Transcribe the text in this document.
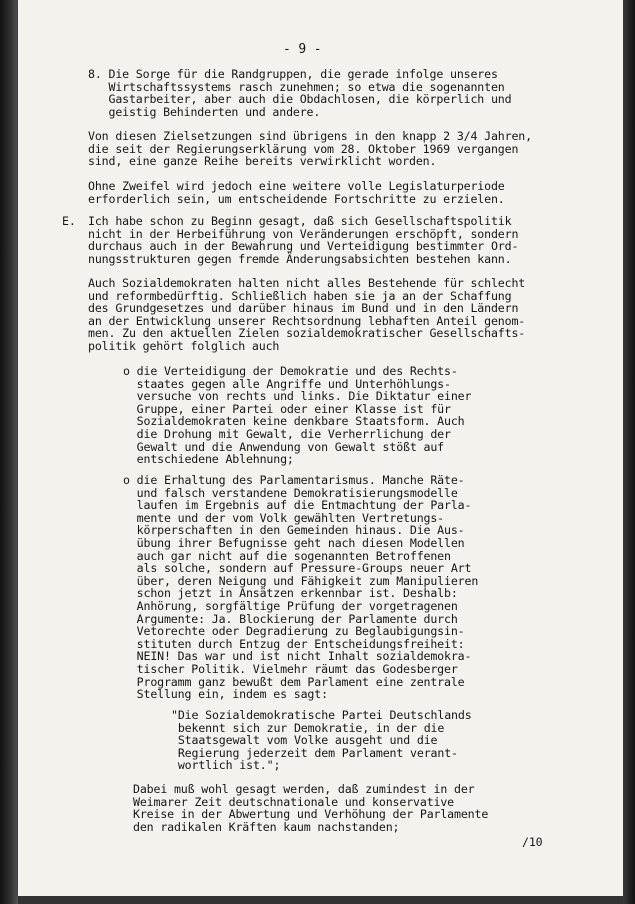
- 9 -

8. Die Sorge für die Randgruppen, die gerade infolge unseres
Wirtschaftssystems rasch zunehmen; so etwa die sogenannten
Gastarbeiter, aber auch die Obdachlosen, die körperlich und
geistig Behinderten und andere.

Von diesen Zielsetzungen sind übrigens in den knapp 2 3/4 Jahren,
die seit der Regierungserklärung vom 28. Oktober 1969 vergangen
sind, eine ganze Reihe bereits verwirklicht worden.

Ohne Zweifel wird jedoch eine weitere volle Legislaturperiode
erforderlich sein, um entscheidende Fortschritte zu erzielen.

E. Ich habe schon zu Beginn gesagt, daß sich Gesellschaftspolitik
nicht in der Herbeiführung von Veränderungen erschöpft, sondern
durchaus auch in der Bewahrung und Verteidigung bestimmter Ord-
nungsstrukturen gegen fremde Änderungsabsichten bestehen kann.

Auch Sozialdemokraten halten nicht alles Bestehende für schlecht
und reformbedürftig. Schließlich haben sie ja an der Schaffung
des Grundgesetzes und darüber hinaus im Bund und in den Ländern
an der Entwicklung unserer Rechtsordnung lebhaften Anteil genom-
men. Zu den aktuellen Zielen sozialdemokratischer Gesellschafts-
politik gehört folglich auch

o die Verteidigung der Demokratie und des Rechts-
staates gegen alle Angriffe und Unterhöhlungs-
versuche von rechts und links. Die Diktatur einer
Gruppe, einer Partei oder einer Klasse ist für
Sozialdemokraten keine denkbare Staatsform. Auch
die Drohung mit Gewalt, die Verherrlichung der
Gewalt und die Anwendung von Gewalt stößt auf
entschiedene Ablehnung;

o die Erhaltung des Parlamentarismus. Manche Räte-
und falsch verstandene Demokratisierungsmodelle
laufen im Ergebnis auf die Entmachtung der Parla-
mente und der vom Volk gewählten Vertretungs-
körperschaften in den Gemeinden hinaus. Die Aus-
übung ihrer Befugnisse geht nach diesen Modellen
auch gar nicht auf die sogenannten Betroffenen
als solche, sondern auf Pressure-Groups neuer Art
über, deren Neigung und Fähigkeit zum Manipulieren
schon jetzt in Ansätzen erkennbar ist. Deshalb:
Anhörung, sorgfältige Prüfung der vorgetragenen
Argumente: Ja. Blockierung der Parlamente durch
Vetorechte oder Degradierung zu Beglaubigungsin-
stituten durch Entzug der Entscheidungsfreiheit:
NEIN! Das war und ist nicht Inhalt sozialdemokra-
tischer Politik. Vielmehr räumt das Godesberger
Programm ganz bewußt dem Parlament eine zentrale
Stellung ein, indem es sagt:

"Die Sozialdemokratische Partei Deutschlands
bekennt sich zur Demokratie, in der die
Staatsgewalt vom Volke ausgeht und die
Regierung jederzeit dem Parlament verant-
wortlich ist.";

Dabei muß wohl gesagt werden, daß zumindest in der
Weimarer Zeit deutschnationale und konservative
Kreise in der Abwertung und Verhöhung der Parlamente
den radikalen Kräften kaum nachstanden;

/10
